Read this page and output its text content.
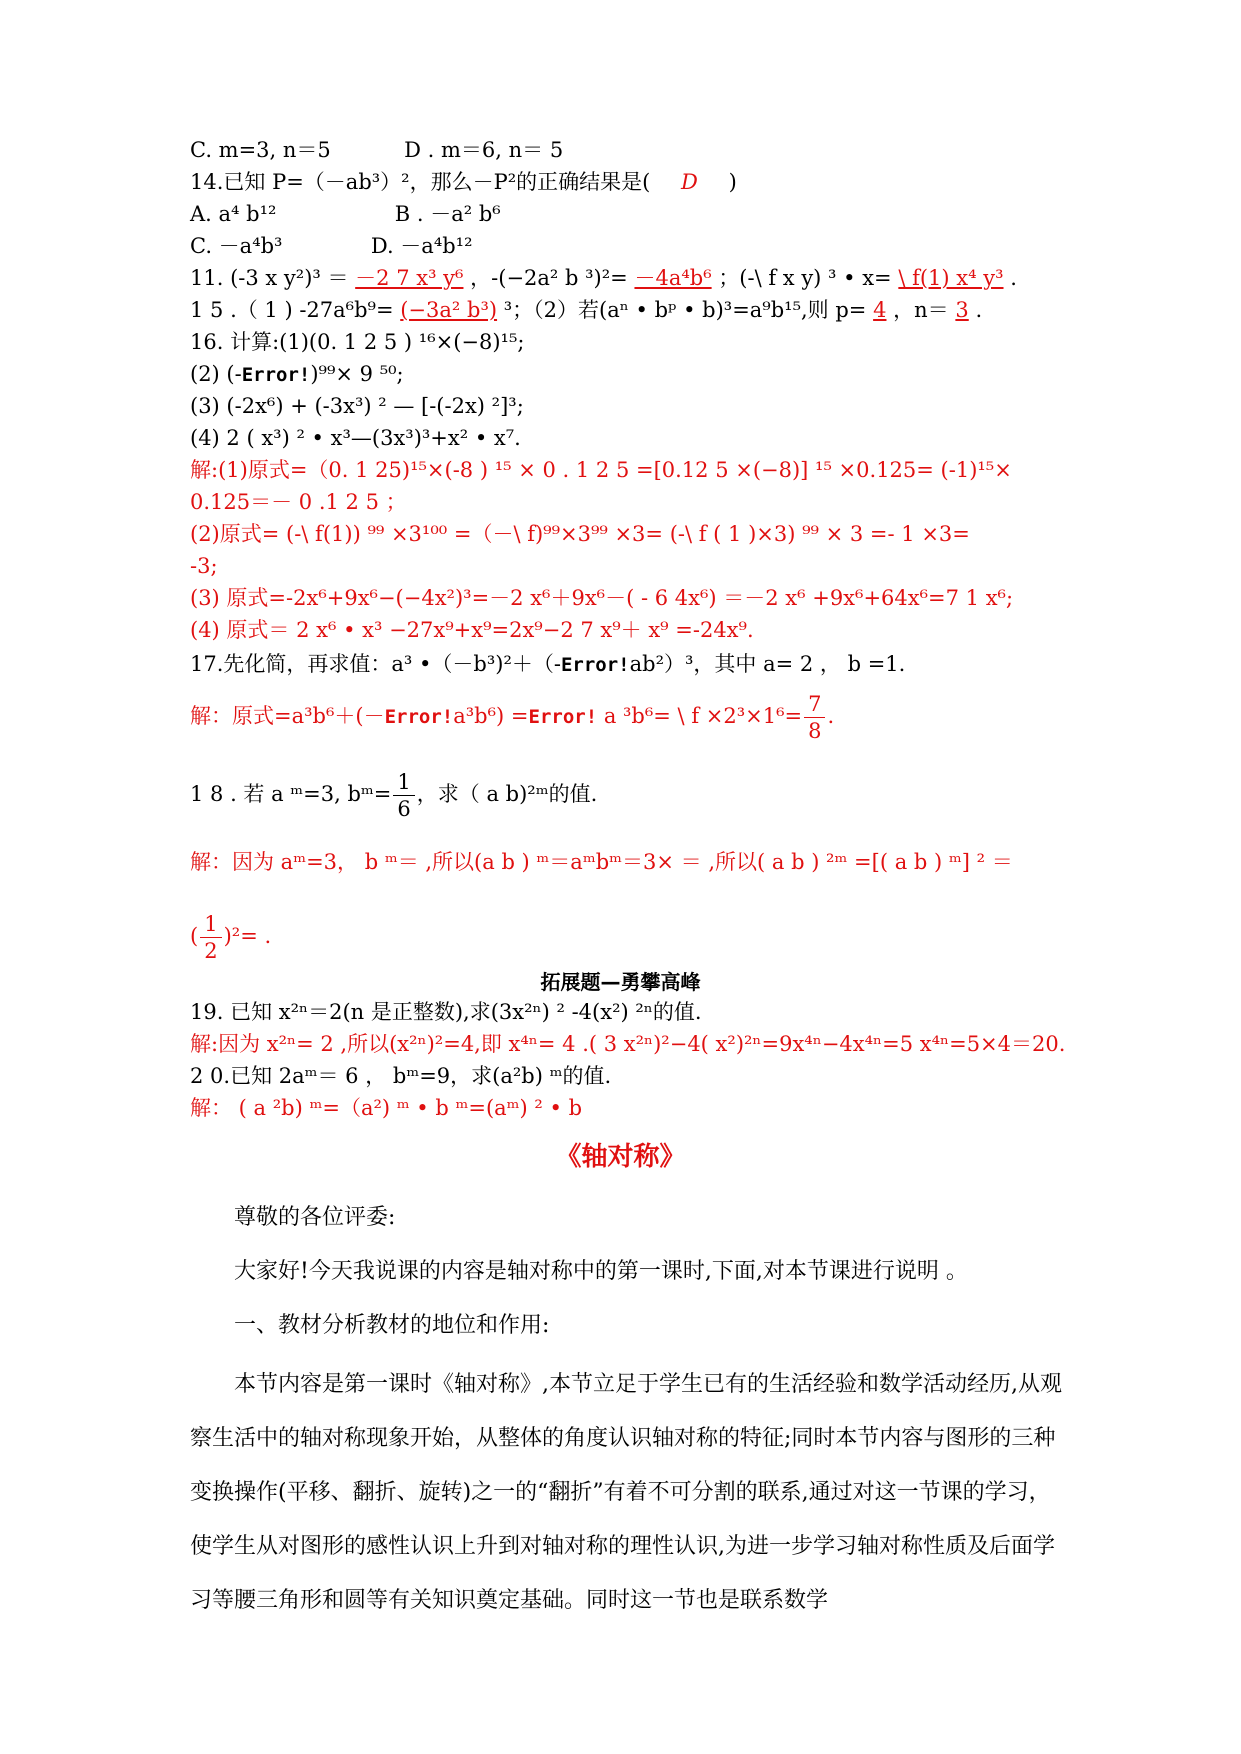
C. m=3, n＝5	D . m＝6, n＝ 5
14.已知 P=（－ab³）²，那么－P²的正确结果是( D )
A. a⁴ b¹²	B . －a² b⁶
C. －a⁴b³	D. －a⁴b¹²
11. (-3 x y²)³ ＝ －2 7 x³ y⁶ ，-(−2a² b ³)²= －4a⁴b⁶ ；(-\ f x y) ³ • x= \ f(1) x⁴ y³ .
1 5 .（ 1 ) -27a⁶b⁹= (−3a² b³) ³；（2）若(aⁿ • bᵖ • b)³=a⁹b¹⁵,则 p= 4 ，n＝ 3 .
16. 计算:(1)(0. 1 2 5 ) ¹⁶×(−8)¹⁵;
(2) (-Error!)⁹⁹× 9 ⁵⁰;
(3) (-2x⁶) + (-3x³) ² — [-(-2x) ²]³;
(4) 2 ( x³) ² • x³—(3x³)³+x² • x⁷.
解:(1)原式=（0. 1 25)¹⁵×(-8 ) ¹⁵ × 0 . 1 2 5 =[0.12 5 ×(−8)] ¹⁵ ×0.125= (-1)¹⁵×
0.125＝－ 0 .1 2 5 ；
(2)原式= (-\ f(1)) ⁹⁹ ×3¹⁰⁰ =（－\ f)⁹⁹×3⁹⁹ ×3= (-\ f ( 1 )×3) ⁹⁹ × 3 =- 1 ×3=
-3;
(3) 原式=-2x⁶+9x⁶−(−4x²)³=－2 x⁶＋9x⁶－( - 6 4x⁶) ＝－2 x⁶ +9x⁶+64x⁶=7 1 x⁶;
(4) 原式＝ 2 x⁶ • x³ −27x⁹+x⁹=2x⁹−2 7 x⁹＋ x⁹ =-24x⁹.
17.先化简，再求值：a³ •（－b³)²＋（-Error!ab²）³，其中 a= 2 ， b =1.
解：原式=a³b⁶＋(－Error!a³b⁶) =Error! a ³b⁶= \ $f \times 2^3\times 1^6= \frac{7}{8}$ .
1 8 . 若 a ᵐ=3, bᵐ= $\frac{1}{6}$ ，求（ a b)²ᵐ的值.
解：因为 aᵐ=3， b ᵐ＝ ,所以(a b ) ᵐ＝aᵐbᵐ＝3× ＝ ,所以( a b ) ²ᵐ =[( a b ) ᵐ] ² ＝
( $\frac{1}{2} )^2=$ .
拓展题—勇攀高峰
19. 已知 x²ⁿ＝2(n 是正整数),求(3x²ⁿ) ² -4(x²) ²ⁿ的值.
解:因为 x²ⁿ= 2 ,所以(x²ⁿ)²=4,即 x⁴ⁿ= 4 .( 3 x²ⁿ)²−4( x²)²ⁿ=9x⁴ⁿ−4x⁴ⁿ=5 x⁴ⁿ=5×4＝20.
2 0.已知 2aᵐ＝ 6 ， bᵐ=9，求(a²b) ᵐ的值.
解： ( a ²b) ᵐ=（a²) ᵐ • b ᵐ=(aᵐ) ² • b
《轴对称》
尊敬的各位评委:
大家好!今天我说课的内容是轴对称中的第一课时,下面,对本节课进行说明 。
一、教材分析教材的地位和作用:
本节内容是第一课时《轴对称》,本节立足于学生已有的生活经验和数学活动经历,从观察生活中的轴对称现象开始，从整体的角度认识轴对称的特征;同时本节内容与图形的三种变换操作(平移、翻折、旋转)之一的“翻折”有着不可分割的联系,通过对这一节课的学习，使学生从对图形的感性认识上升到对轴对称的理性认识,为进一步学习轴对称性质及后面学习等腰三角形和圆等有关知识奠定基础。同时这一节也是联系数学
